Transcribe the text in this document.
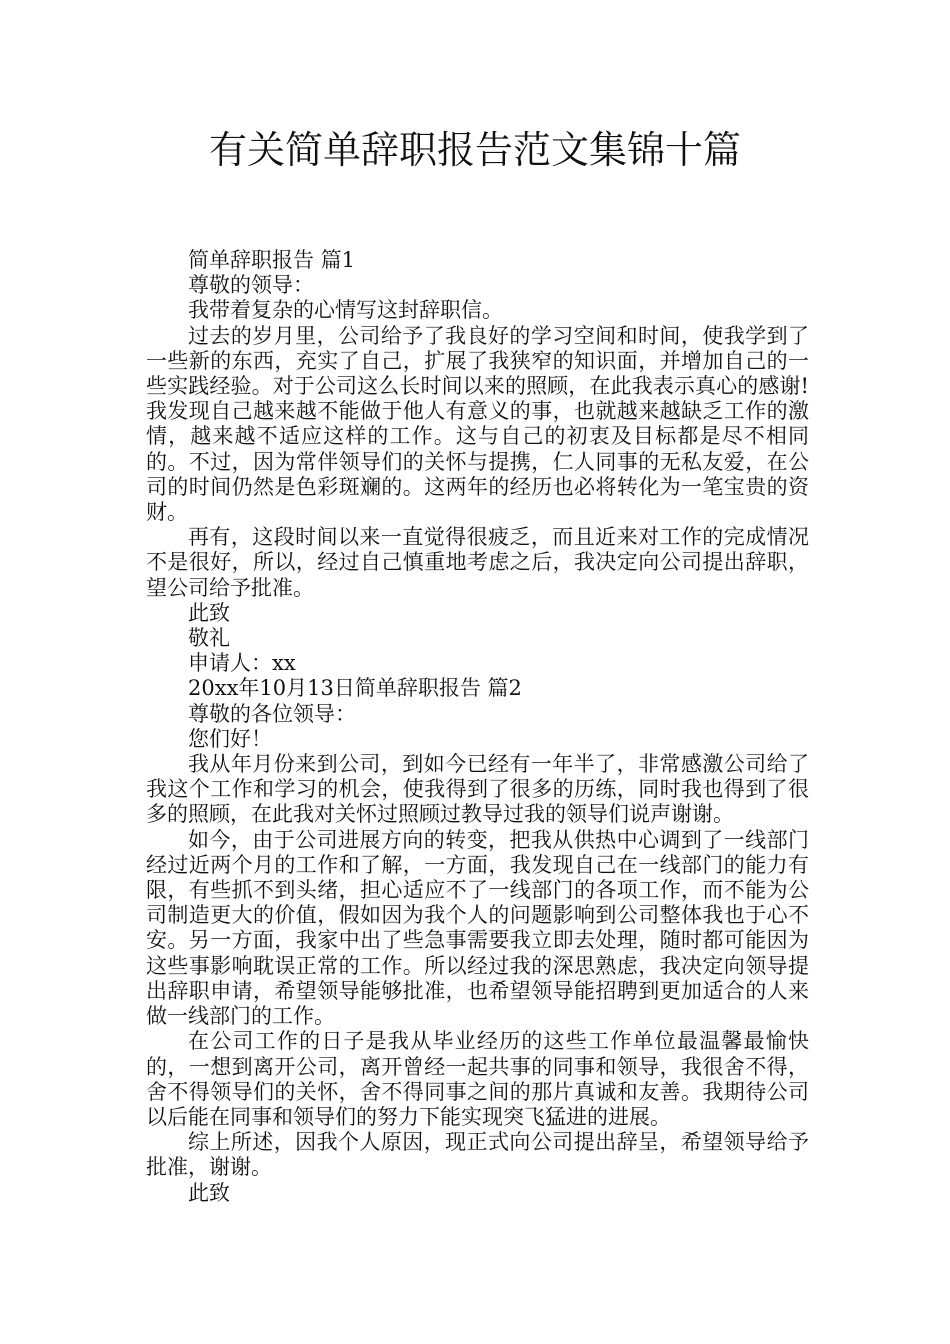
有关简单辞职报告范文集锦十篇

简单辞职报告 篇1

尊敬的领导：

我带着复杂的心情写这封辞职信。

过去的岁月里，公司给予了我良好的学习空间和时间，使我学到了一些新的东西，充实了自己，扩展了我狭窄的知识面，并增加自己的一些实践经验。对于公司这么长时间以来的照顾，在此我表示真心的感谢!我发现自己越来越不能做于他人有意义的事，也就越来越缺乏工作的激情，越来越不适应这样的工作。这与自己的初衷及目标都是尽不相同的。不过，因为常伴领导们的关怀与提携，仁人同事的无私友爱，在公司的时间仍然是色彩斑斓的。这两年的经历也必将转化为一笔宝贵的资财。

再有，这段时间以来一直觉得很疲乏，而且近来对工作的完成情况不是很好，所以，经过自己慎重地考虑之后，我决定向公司提出辞职，望公司给予批准。

此致

敬礼

申请人：xx

20xx年10月13日简单辞职报告 篇2

尊敬的各位领导：

您们好！

我从年月份来到公司，到如今已经有一年半了，非常感激公司给了我这个工作和学习的机会，使我得到了很多的历练，同时我也得到了很多的照顾，在此我对关怀过照顾过教导过我的领导们说声谢谢。

如今，由于公司进展方向的转变，把我从供热中心调到了一线部门经过近两个月的工作和了解，一方面，我发现自己在一线部门的能力有限，有些抓不到头绪，担心适应不了一线部门的各项工作，而不能为公司制造更大的价值，假如因为我个人的问题影响到公司整体我也于心不安。另一方面，我家中出了些急事需要我立即去处理，随时都可能因为这些事影响耽误正常的工作。所以经过我的深思熟虑，我决定向领导提出辞职申请，希望领导能够批准，也希望领导能招聘到更加适合的人来做一线部门的工作。

在公司工作的日子是我从毕业经历的这些工作单位最温馨最愉快的，一想到离开公司，离开曾经一起共事的同事和领导，我很舍不得，舍不得领导们的关怀，舍不得同事之间的那片真诚和友善。我期待公司以后能在同事和领导们的努力下能实现突飞猛进的进展。

综上所述，因我个人原因，现正式向公司提出辞呈，希望领导给予批准，谢谢。

此致
